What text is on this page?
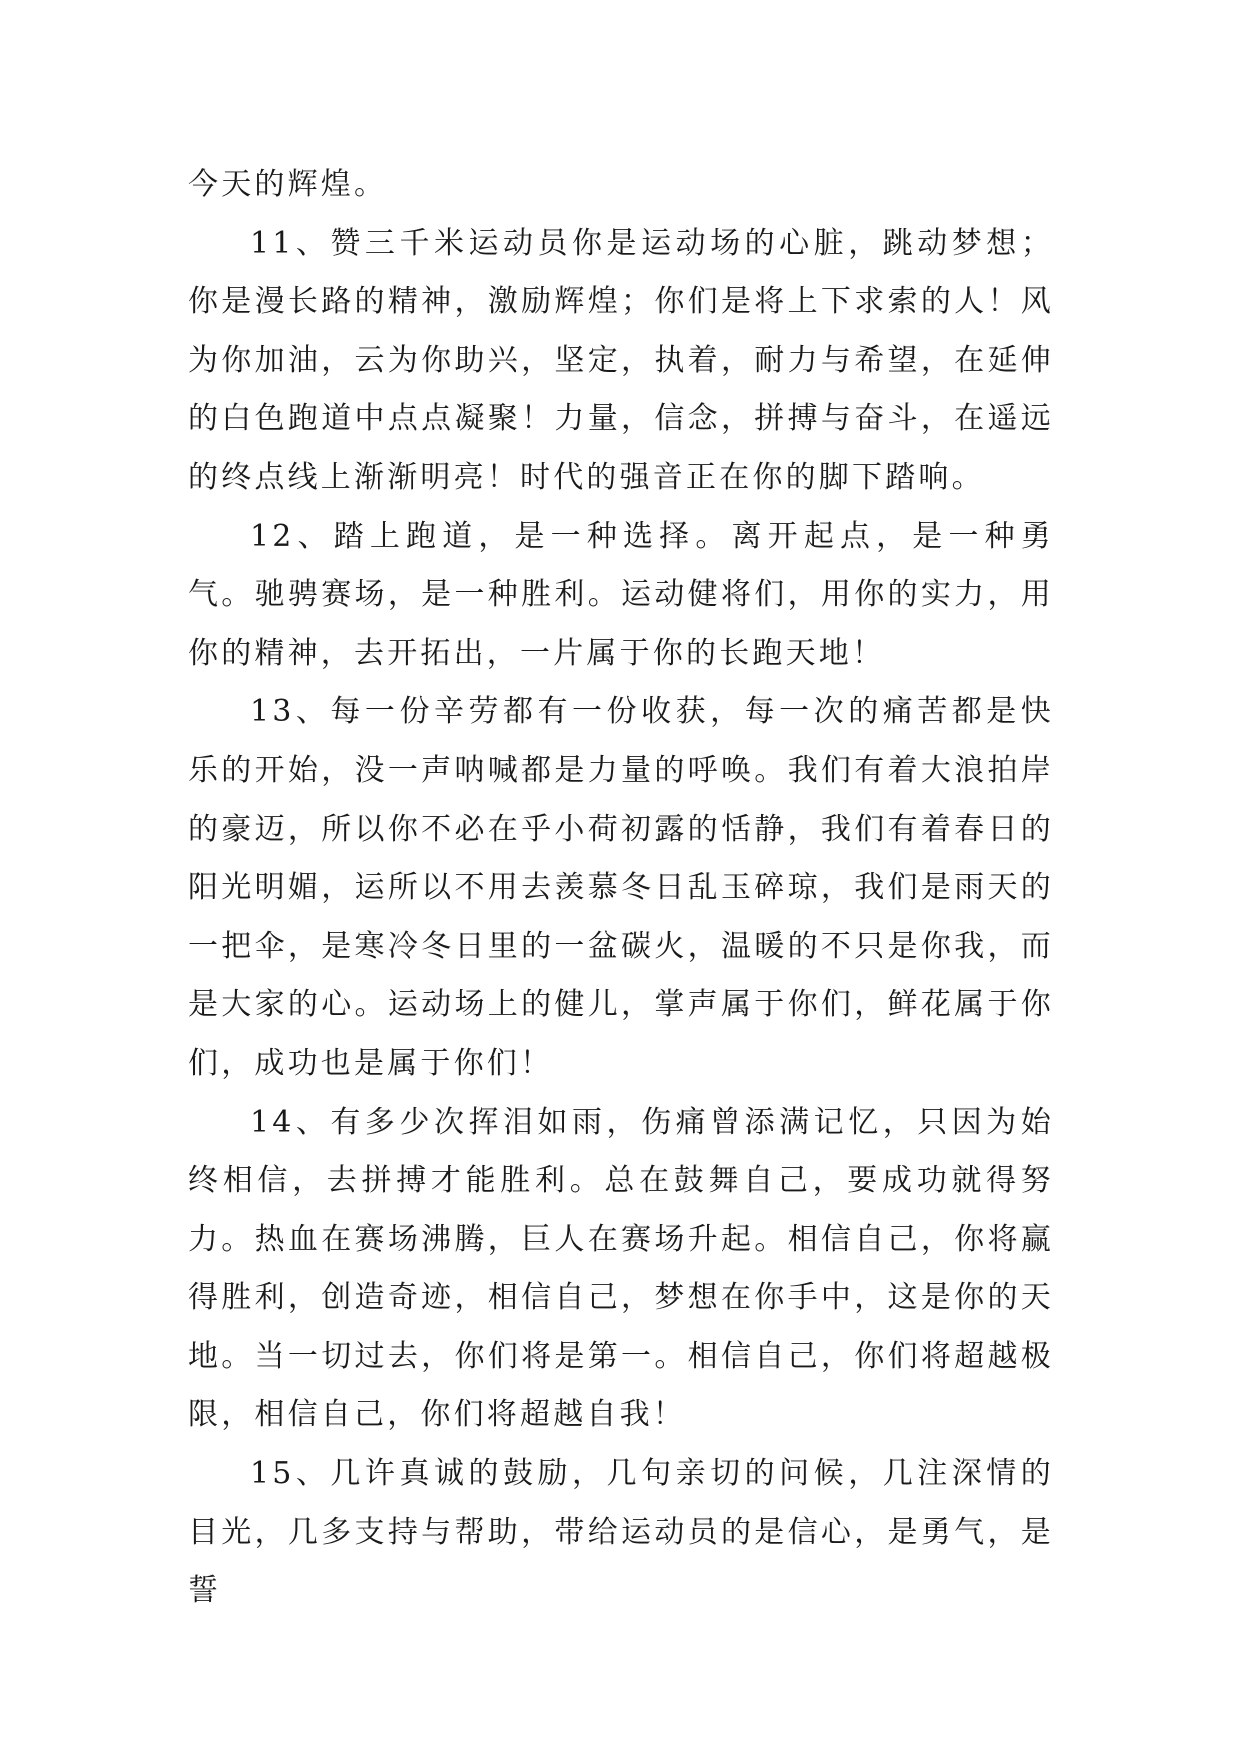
今天的辉煌。

11、赞三千米运动员你是运动场的心脏，跳动梦想；你是漫长路的精神，激励辉煌；你们是将上下求索的人！风为你加油，云为你助兴，坚定，执着，耐力与希望，在延伸的白色跑道中点点凝聚！力量，信念，拼搏与奋斗，在遥远的终点线上渐渐明亮！时代的强音正在你的脚下踏响。

12、踏上跑道，是一种选择。离开起点，是一种勇气。驰骋赛场，是一种胜利。运动健将们，用你的实力，用你的精神，去开拓出，一片属于你的长跑天地！

13、每一份辛劳都有一份收获，每一次的痛苦都是快乐的开始，没一声呐喊都是力量的呼唤。我们有着大浪拍岸的豪迈，所以你不必在乎小荷初露的恬静，我们有着春日的阳光明媚，运所以不用去羡慕冬日乱玉碎琼，我们是雨天的一把伞，是寒冷冬日里的一盆碳火，温暖的不只是你我，而是大家的心。运动场上的健儿，掌声属于你们，鲜花属于你们，成功也是属于你们！

14、有多少次挥泪如雨，伤痛曾添满记忆，只因为始终相信，去拼搏才能胜利。总在鼓舞自己，要成功就得努力。热血在赛场沸腾，巨人在赛场升起。相信自己，你将赢得胜利，创造奇迹，相信自己，梦想在你手中，这是你的天地。当一切过去，你们将是第一。相信自己，你们将超越极限，相信自己，你们将超越自我！

15、几许真诚的鼓励，几句亲切的问候，几注深情的目光，几多支持与帮助，带给运动员的是信心，是勇气，是誓
